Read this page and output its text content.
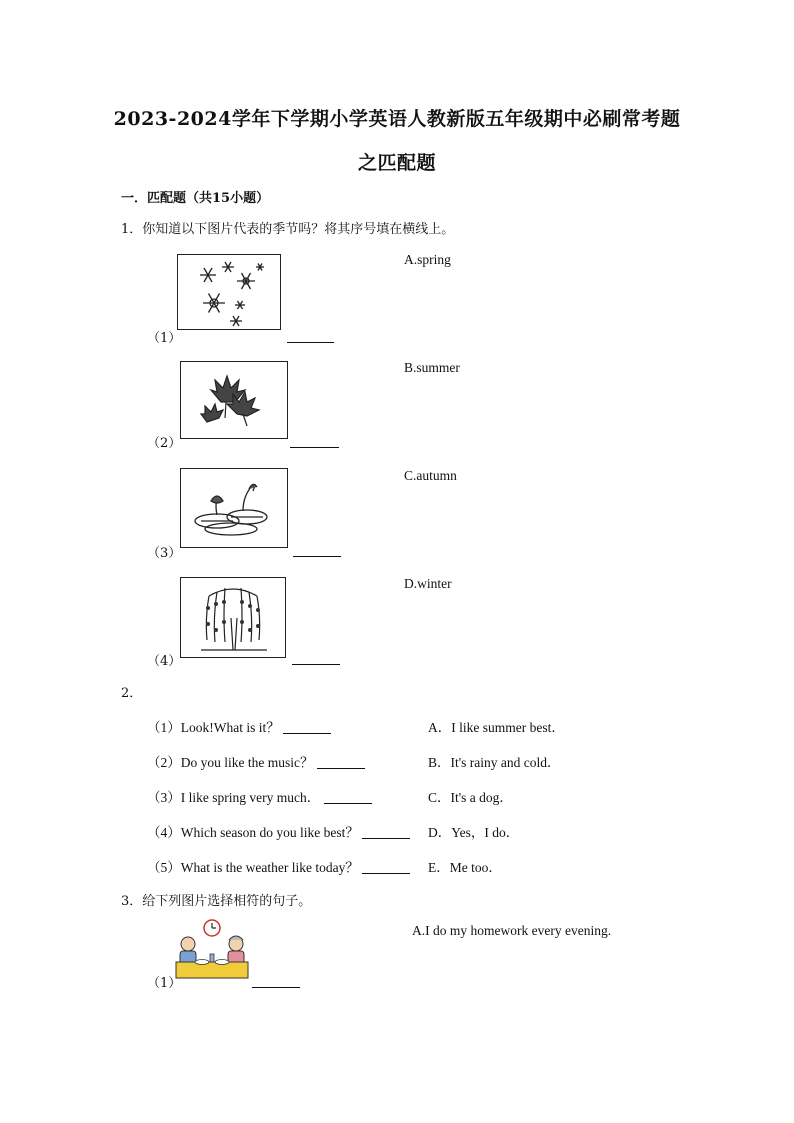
2023-2024学年下学期小学英语人教新版五年级期中必刷常考题
之匹配题
一．匹配题（共15小题）
1．你知道以下图片代表的季节吗？将其序号填在横线上。
（1）
A.spring
（2）
B.summer
（3）
C.autumn
（4）
D.winter
2．
（1）Look!What is it？
（2）Do you like the music？
（3）I like spring very much．
（4）Which season do you like best？
（5）What is the weather like today？
A．I like summer best．
B．It's rainy and cold．
C．It's a dog．
D．Yes，I do．
E．Me too．
3．给下列图片选择相符的句子。
（1）
A.I do my homework every evening.
